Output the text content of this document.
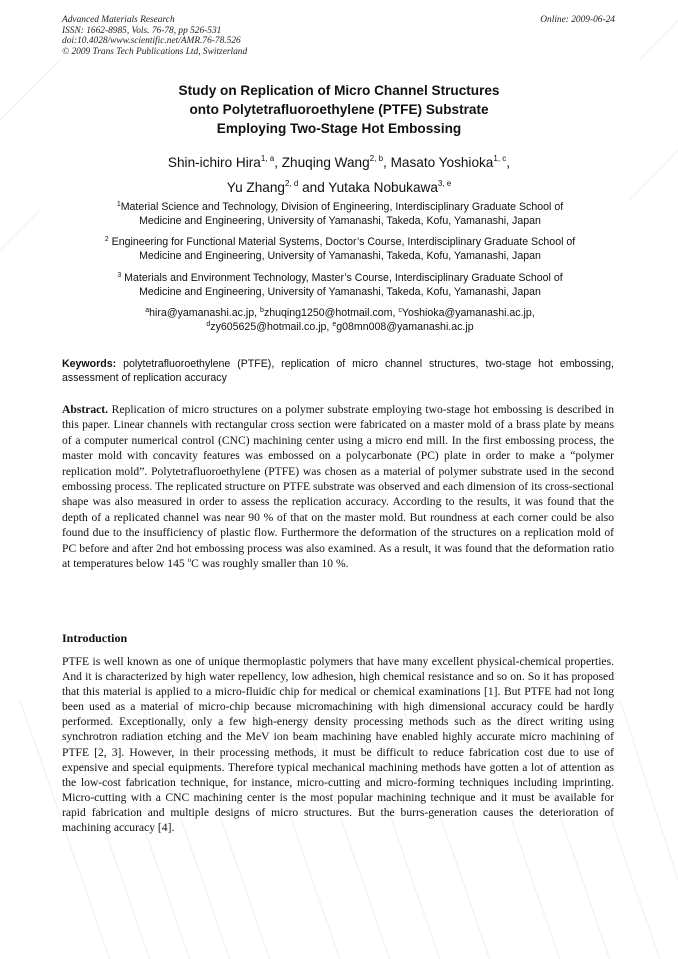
Advanced Materials Research
ISSN: 1662-8985, Vols. 76-78, pp 526-531
doi:10.4028/www.scientific.net/AMR.76-78.526
© 2009 Trans Tech Publications Ltd, Switzerland
Online: 2009-06-24
Study on Replication of Micro Channel Structures
onto Polytetrafluoroethylene (PTFE) Substrate
Employing Two-Stage Hot Embossing
Shin-ichiro Hira$^{1, a}$, Zhuqing Wang$^{2, b}$, Masato Yoshioka$^{1, c}$,
Yu Zhang$^{2, d}$ and Yutaka Nobukawa$^{3, e}$
$^1$Material Science and Technology, Division of Engineering, Interdisciplinary Graduate School of
Medicine and Engineering, University of Yamanashi, Takeda, Kofu, Yamanashi, Japan
$^2$ Engineering for Functional Material Systems, Doctor’s Course, Interdisciplinary Graduate School of
Medicine and Engineering, University of Yamanashi, Takeda, Kofu, Yamanashi, Japan
$^3$ Materials and Environment Technology, Master’s Course, Interdisciplinary Graduate School of
Medicine and Engineering, University of Yamanashi, Takeda, Kofu, Yamanashi, Japan
$^a$hira@yamanashi.ac.jp, $^b$zhuqing1250@hotmail.com, $^c$Yoshioka@yamanashi.ac.jp,
$^d$zy605625@hotmail.co.jp, $^e$g08mn008@yamanashi.ac.jp
Keywords: polytetrafluoroethylene (PTFE), replication of micro channel structures, two-stage hot embossing, assessment of replication accuracy
Abstract. Replication of micro structures on a polymer substrate employing two-stage hot embossing is described in this paper. Linear channels with rectangular cross section were fabricated on a master mold of a brass plate by means of a computer numerical control (CNC) machining center using a micro end mill. In the first embossing process, the master mold with concavity features was embossed on a polycarbonate (PC) plate in order to make a “polymer replication mold”. Polytetrafluoroethylene (PTFE) was chosen as a material of polymer substrate used in the second embossing process. The replicated structure on PTFE substrate was observed and each dimension of its cross-sectional shape was also measured in order to assess the replication accuracy. According to the results, it was found that the depth of a replicated channel was near 90 % of that on the master mold. But roundness at each corner could be also found due to the insufficiency of plastic flow. Furthermore the deformation of the structures on a replication mold of PC before and after 2nd hot embossing process was also examined. As a result, it was found that the deformation ratio at temperatures below 145 $^o$C was roughly smaller than 10 %.
Introduction
PTFE is well known as one of unique thermoplastic polymers that have many excellent physical-chemical properties. And it is characterized by high water repellency, low adhesion, high chemical resistance and so on. So it has proposed that this material is applied to a micro-fluidic chip for medical or chemical examinations [1]. But PTFE had not long been used as a material of micro-chip because micromachining with high dimensional accuracy could be hardly performed. Exceptionally, only a few high-energy density processing methods such as the direct writing using synchrotron radiation etching and the MeV ion beam machining have enabled highly accurate micro machining of PTFE [2, 3]. However, in their processing methods, it must be difficult to reduce fabrication cost due to use of expensive and special equipments. Therefore typical mechanical machining methods have gotten a lot of attention as the low-cost fabrication technique, for instance, micro-cutting and micro-forming techniques including imprinting. Micro-cutting with a CNC machining center is the most popular machining technique and it must be available for rapid fabrication and multiple designs of micro structures. But the burrs-generation causes the deterioration of machining accuracy [4].
